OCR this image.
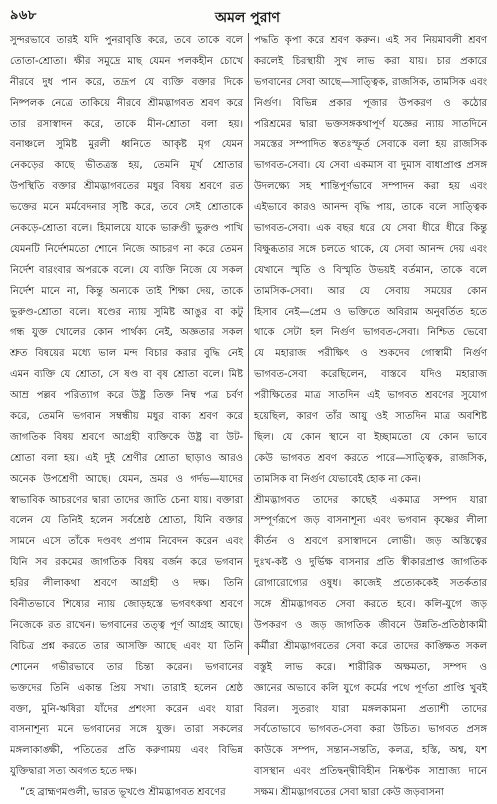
৯৬৮	অমল পুরাণ
সুন্দরভাবে তারই যদি পুনরাবৃত্তি করে, তবে তাকে বলে
তোতা-শ্রোতা। ক্ষীর সমুদ্রে মাছ যেমন পলকহীন চোখে
নীরবে দুধ পান করে, তদ্রূপ যে ব্যক্তি বক্তার দিকে
নিষ্পলক নেত্রে তাকিয়ে নীরবে শ্রীমদ্ভাগবত শ্রবণ করে
তার রসাস্বাদন করে, তাকে মীন-শ্রোতা বলা হয়।
বনাঞ্চলে সুমিষ্ট মুরলী ধ্বনিতে আকৃষ্ট মৃগ যেমন
নেকড়ের কাছে ভীতত্রস্ত হয়, তেমনি মূর্খ শ্রোতার
উপস্থিতি বক্তার শ্রীমদ্ভাগবতের মধুর বিষয় শ্রবণে রত
ভক্তের মনে মর্মবেদনার সৃষ্টি করে, তবে সেই শ্রোতাকে
নেকড়ে-শ্রোতা বলে। হিমালয়ে যাকে ভারুণ্ডী ভুরুণ্ড পাখি
যেমনটি নির্দেশমতো শোনে নিজে আচরণ না করে তেমন
নির্দেশ বারংবার অপরকে বলে। যে ব্যক্তি নিজে যে সকল
নির্দেশ মানে না, কিন্তু অন্যকে তাই শিক্ষা দেয়, তাকে
ভুরুণ্ড-শ্রোতা বলে। ষণ্ডের ন্যায় সুমিষ্ট আঙুর বা কটু
গন্ধ যুক্ত খোলের কোন পার্থক্য নেই, অজ্ঞতার সকল
শ্রুত বিষয়ের মধ্যে ভাল মন্দ বিচার করার বুদ্ধি নেই
এমন ব্যক্তি যে শ্রোতা, সে ষণ্ড বা বৃষ শ্রোতা বলে। মিষ্ট
আম্র পল্লব পরিত্যাগ করে উষ্ট্র তিক্ত নিম্ব পত্র চর্বণ
করে, তেমনি ভগবান সম্বন্ধীয় মধুর বাক্য শ্রবণ করে
জাগতিক বিষয় শ্রবণে আগ্রহী ব্যক্তিকে উষ্ট্র বা উট-
শ্রোতা বলা হয়। এই দুই শ্রেণীর শ্রোতা ছাড়াও আরও
অনেক উপশ্রেণী আছে। যেমন, ভ্রমর ও গর্দভ—যাদের
স্বাভাবিক আচরণের দ্বারা তাদের জাতি চেনা যায়। বক্তারা
বলেন যে তিনিই হলেন সর্বশ্রেষ্ঠ শ্রোতা, যিনি বক্তার
সামনে এসে তাঁকে দণ্ডবৎ প্রণাম নিবেদন করেন এবং
যিনি সব রকমের জাগতিক বিষয় বর্জন করে ভগবান
হরির লীলাকথা শ্রবণে আগ্রহী ও দক্ষ। তিনি
বিনীতভাবে শিষ্যের ন্যায় জোড়হস্তে ভগবৎকথা শ্রবণে
নিজেকে রত রাখেন। ভগবানের তত্ত্ব পূর্ণ আগ্রহ আছে।
বিচিত্র প্রশ্ন করতে তার আসক্তি আছে এবং যা তিনি
শোনেন গভীরভাবে তার চিন্তা করেন। ভগবানের
ভক্তদের তিনি একান্ত প্রিয় সখা। তারাই হলেন শ্রেষ্ঠ
বক্তা, মুনি-ঋষিরা যাঁদের প্রশংসা করেন এবং যারা
বাসনাশূন্য মনে ভগবানের সঙ্গে যুক্ত। তারা সকলের
মঙ্গলাকাঙ্ক্ষী, পতিতের প্রতি করুণাময় এবং বিভিন্ন
যুক্তিদ্বারা সত্য অবগত হতে দক্ষ।
“হে ব্রাহ্মণমণ্ডলী, ভারত ভূখণ্ডে শ্রীমদ্ভাগবত শ্রবণের
পদ্ধতি কৃপা করে শ্রবণ করুন। এই সব নিয়মাবলী শ্রবণ
করলেই চিরস্থায়ী সুখ লাভ করা যায়। চার প্রকারে
ভগবানের সেবা আছে—সাত্ত্বিক, রাজসিক, তামসিক এবং
নির্গুণ। বিভিন্ন প্রকার পূজার উপকরণ ও কঠোর
পরিশ্রমের দ্বারা ভক্তসঙ্গকথাপূর্ণ যজ্ঞের ন্যায় সাতদিনে
সমস্তের সম্পাদিত স্বতঃস্ফূর্ত সেবাকে বলা হয় রাজসিক
ভাগবত-সেবা। যে সেবা একমাস বা দুমাস বাধাপ্রাপ্ত প্রসঙ্গ
উদলক্ষ্যে সহ শান্তিপূর্ণভাবে সম্পাদন করা হয় এবং
এইভাবে কারও আনন্দ বৃদ্ধি পায়, তাকে বলে সাত্ত্বিক
ভাগবত-সেবা। এক বছর ধরে যে সেবা ধীরে ধীরে কিন্তু
বিক্ষুব্ধতার সঙ্গে চলতে থাকে, যে সেবা আনন্দ দেয় এবং
যেখানে স্মৃতি ও বিস্মৃতি উভয়ই বর্তমান, তাকে বলে
তামসিক-সেবা। আর যে সেবায় সময়ের কোন
হিসাব নেই—প্রেম ও ভক্তিতে অবিরাম অনুবর্তিত হতে
থাকে সেটা হল নির্গুণ ভাগবত-সেবা। নিশ্চিত ভেবো
যে মহারাজ পরীক্ষিৎ ও শুকদেব গোস্বামী নির্গুণ
ভাগবত-সেবা করেছিলেন, বাস্তবে যদিও মহারাজ
পরীক্ষিতের মাত্র সাতদিন এই ভাগবত শ্রবণের সুযোগ
হয়েছিল, কারণ তাঁর আয়ু ওই সাতদিন মাত্র অবশিষ্ট
ছিল। যে কোন স্থানে বা ইচ্ছামতো যে কোন ভাবে
কেউ ভাগবত শ্রবণ করতে পারে—সাত্ত্বিক, রাজসিক,
তামসিক বা নির্গুণ যেভাবেই হোক না কেন।
শ্রীমদ্ভাগবত তাদের কাছেই একমাত্র সম্পদ যারা
সম্পূর্ণরূপে জড় বাসনাশূন্য এবং ভগবান কৃষ্ণের লীলা
কীর্তন ও শ্রবণে রসাস্বাদনে লোভী। জড় অস্তিত্বের
দুঃখ-কষ্ট ও দুর্ভিক্ষ বাসনার প্রতি স্বীকারপ্রাপ্ত জাগতিক
রোগারোগ্যের ওষুধ। কাজেই প্রত্যেককেই সতর্কতার
সঙ্গে শ্রীমদ্ভাগবত সেবা করতে হবে। কলি-যুগে জড়
উপকরণ ও জড় জাগতিক জীবনে উন্নতি-প্রতিষ্ঠাকামী
কর্মীরা শ্রীমদ্ভাগবতের সেবা করে তাদের কাঙ্ক্ষিত সকল
বস্তুই লাভ করে। শারীরিক অক্ষমতা, সম্পদ ও
জ্ঞানের অভাবে কলি যুগে কর্মের পথে পূর্ণতা প্রাপ্তি খুবই
বিরল। সুতরাং যারা মঙ্গলকামনা প্রত্যাশী তাদের
সর্বতোভাবে ভাগবত-সেবা করা উচিত। ভাগবত প্রসঙ্গ
কাউকে সম্পদ, সন্তান-সন্ততি, কলত্র, হস্তি, অশ্ব, যশ
বাসস্থান এবং প্রতিদ্বন্দ্বীবিহীন নিষ্কণ্টক সাম্রাজ্য দানে
সক্ষম। শ্রীমদ্ভাগবতের সেবা দ্বারা কেউ জড়বাসনা
